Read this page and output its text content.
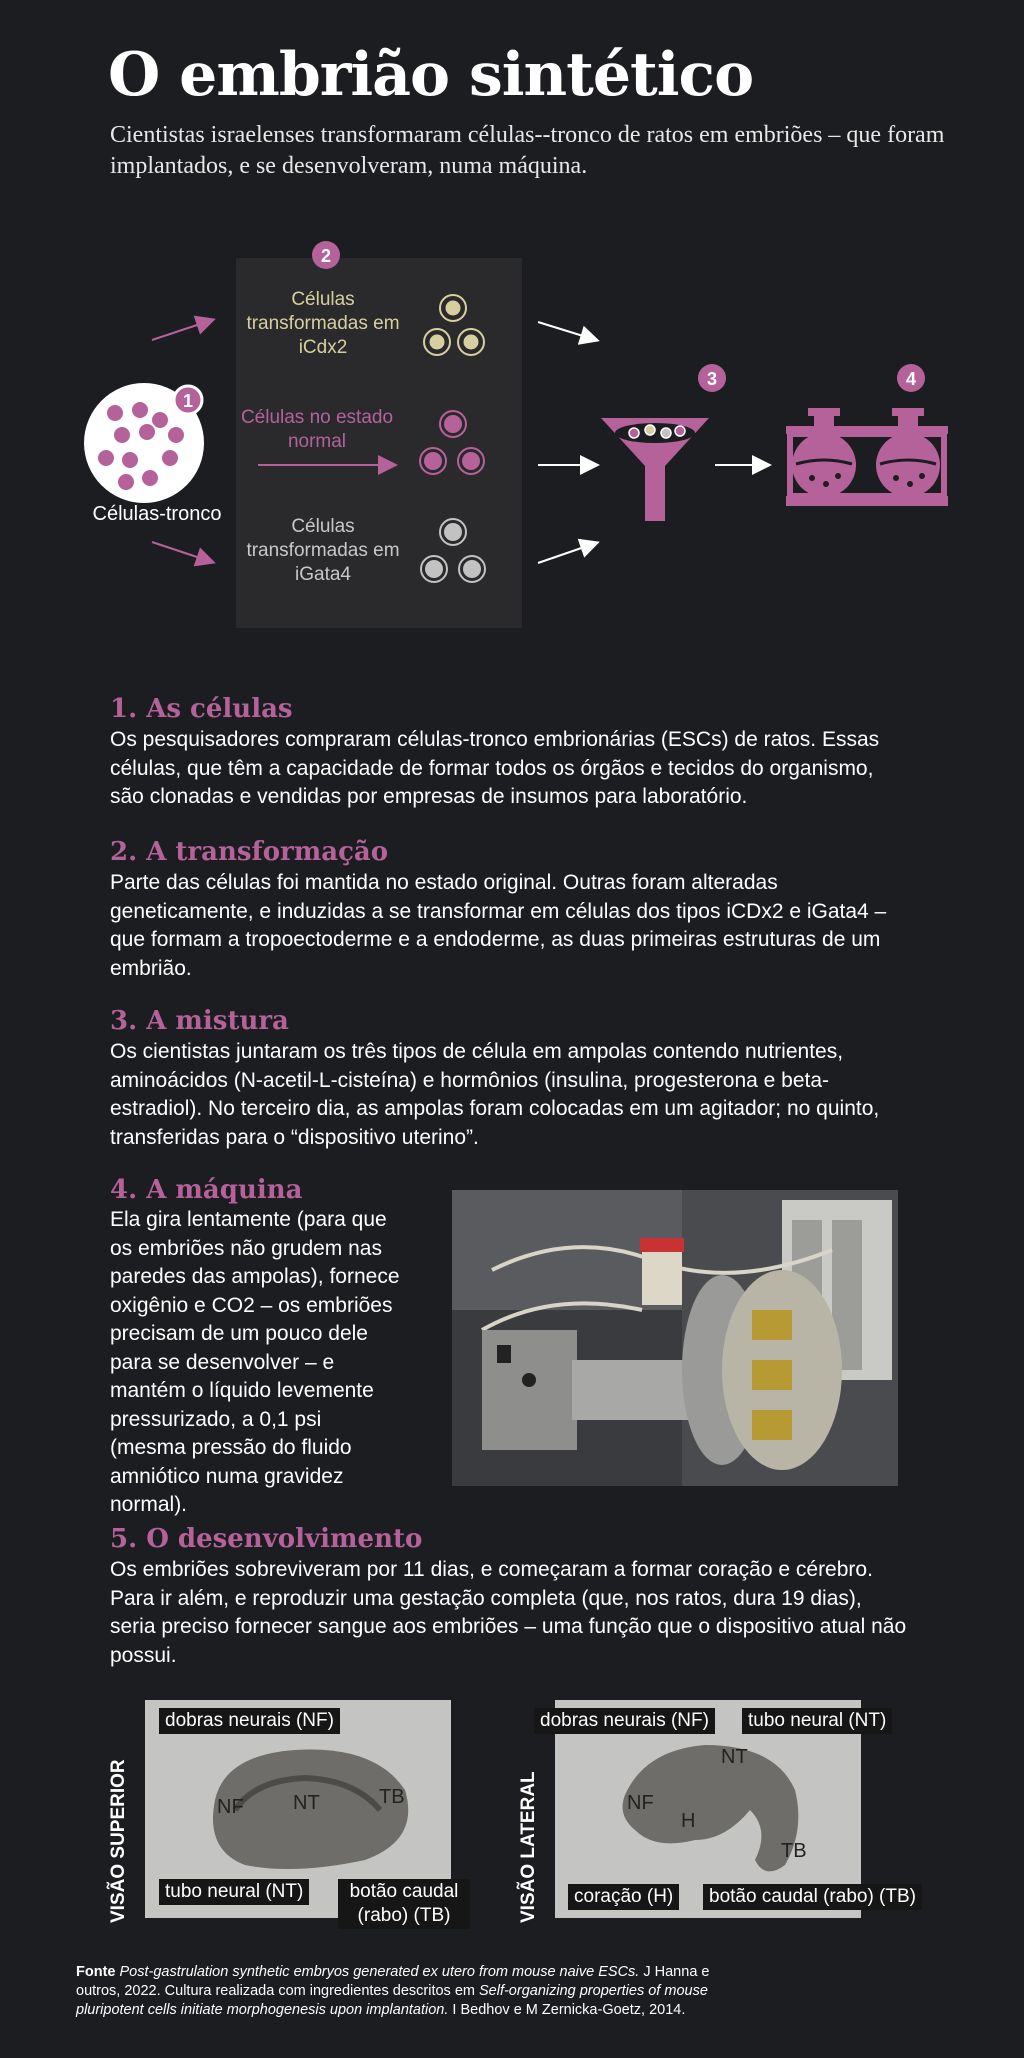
O embrião sintético
Cientistas israelenses transformaram células--tronco de ratos em embriões – que foram implantados, e se desenvolveram, numa máquina.
1
2
3	4
Células-tronco
Células transformadas em iCdx2
Células no estado normal
Células transformadas em iGata4
1. As células

Os pesquisadores compraram células-tronco embrionárias (ESCs) de ratos. Essas células, que têm a capacidade de formar todos os órgãos e tecidos do organismo, são clonadas e vendidas por empresas de insumos para laboratório.

2. A transformação

Parte das células foi mantida no estado original. Outras foram alteradas geneticamente, e induzidas a se transformar em células dos tipos iCDx2 e iGata4 – que formam a tropoectoderme e a endoderme, as duas primeiras estruturas de um embrião.

3. A mistura

Os cientistas juntaram os três tipos de célula em ampolas contendo nutrientes, aminoácidos (N-acetil-L-cisteína) e hormônios (insulina, progesterona e beta-estradiol). No terceiro dia, as ampolas foram colocadas em um agitador; no quinto, transferidas para o “dispositivo uterino”.

4. A máquina

Ela gira lentamente (para que os embriões não grudem nas paredes das ampolas), fornece oxigênio e CO2 – os embriões precisam de um pouco dele para se desenvolver – e mantém o líquido levemente pressurizado, a 0,1 psi (mesma pressão do fluido amniótico numa gravidez normal).

5. O desenvolvimento

Os embriões sobreviveram por 11 dias, e começaram a formar coração e cérebro. Para ir além, e reproduzir uma gestação completa (que, nos ratos, dura 19 dias), seria preciso fornecer sangue aos embriões – uma função que o dispositivo atual não possui.

VISÃO SUPERIOR	NF NT	TB
dobras neurais (NF)
tubo neural (NT)	botão caudal (rabo) (TB)	VISÃO LATERAL
NT
NF
H
TB
dobras neurais (NF)	tubo neural (NT)
coração (H)	botão caudal (rabo) (TB)
Fonte Post-gastrulation synthetic embryos generated ex utero from mouse naive ESCs. J Hanna e outros, 2022. Cultura realizada com ingredientes descritos em Self-organizing properties of mouse pluripotent cells initiate morphogenesis upon implantation. I Bedhov e M Zernicka-Goetz, 2014.
